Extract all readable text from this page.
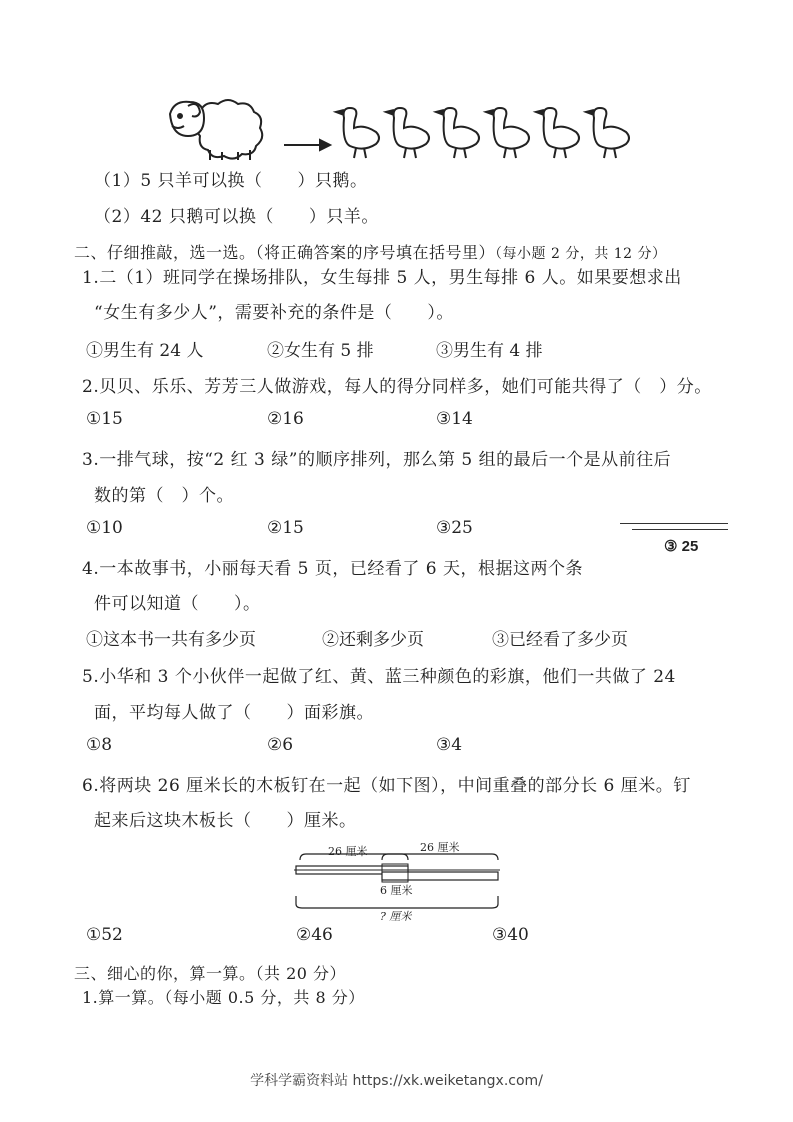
（1）5 只羊可以换（　　）只鹅。
（2）42 只鹅可以换（　　）只羊。
二、仔细推敲，选一选。（将正确答案的序号填在括号里）（每小题 2 分，共 12 分）
1.二（1）班同学在操场排队，女生每排 5 人，男生每排 6 人。如果要想求出
“女生有多少人”，需要补充的条件是（　　）。
①男生有 24 人	②女生有 5 排	③男生有 4 排
2.贝贝、乐乐、芳芳三人做游戏，每人的得分同样多，她们可能共得了（　）分。
①15	②16	③14
3.一排气球，按“2 红 3 绿”的顺序排列，那么第 5 组的最后一个是从前往后
数的第（　）个。
①10	②15	③25
③ 25
4.一本故事书，小丽每天看 5 页，已经看了 6 天，根据这两个条
件可以知道（　　）。
①这本书一共有多少页	②还剩多少页	③已经看了多少页
5.小华和 3 个小伙伴一起做了红、黄、蓝三种颜色的彩旗，他们一共做了 24
面，平均每人做了（　　）面彩旗。
①8	②6	③4
6.将两块 26 厘米长的木板钉在一起（如下图），中间重叠的部分长 6 厘米。钉
起来后这块木板长（　　）厘米。
26 厘米	26 厘米
6 厘米
? 厘米
①52	②46	③40
三、细心的你，算一算。（共 20 分）
1.算一算。（每小题 0.5 分，共 8 分）
学科学霸资料站 https://xk.weiketangx.com/
